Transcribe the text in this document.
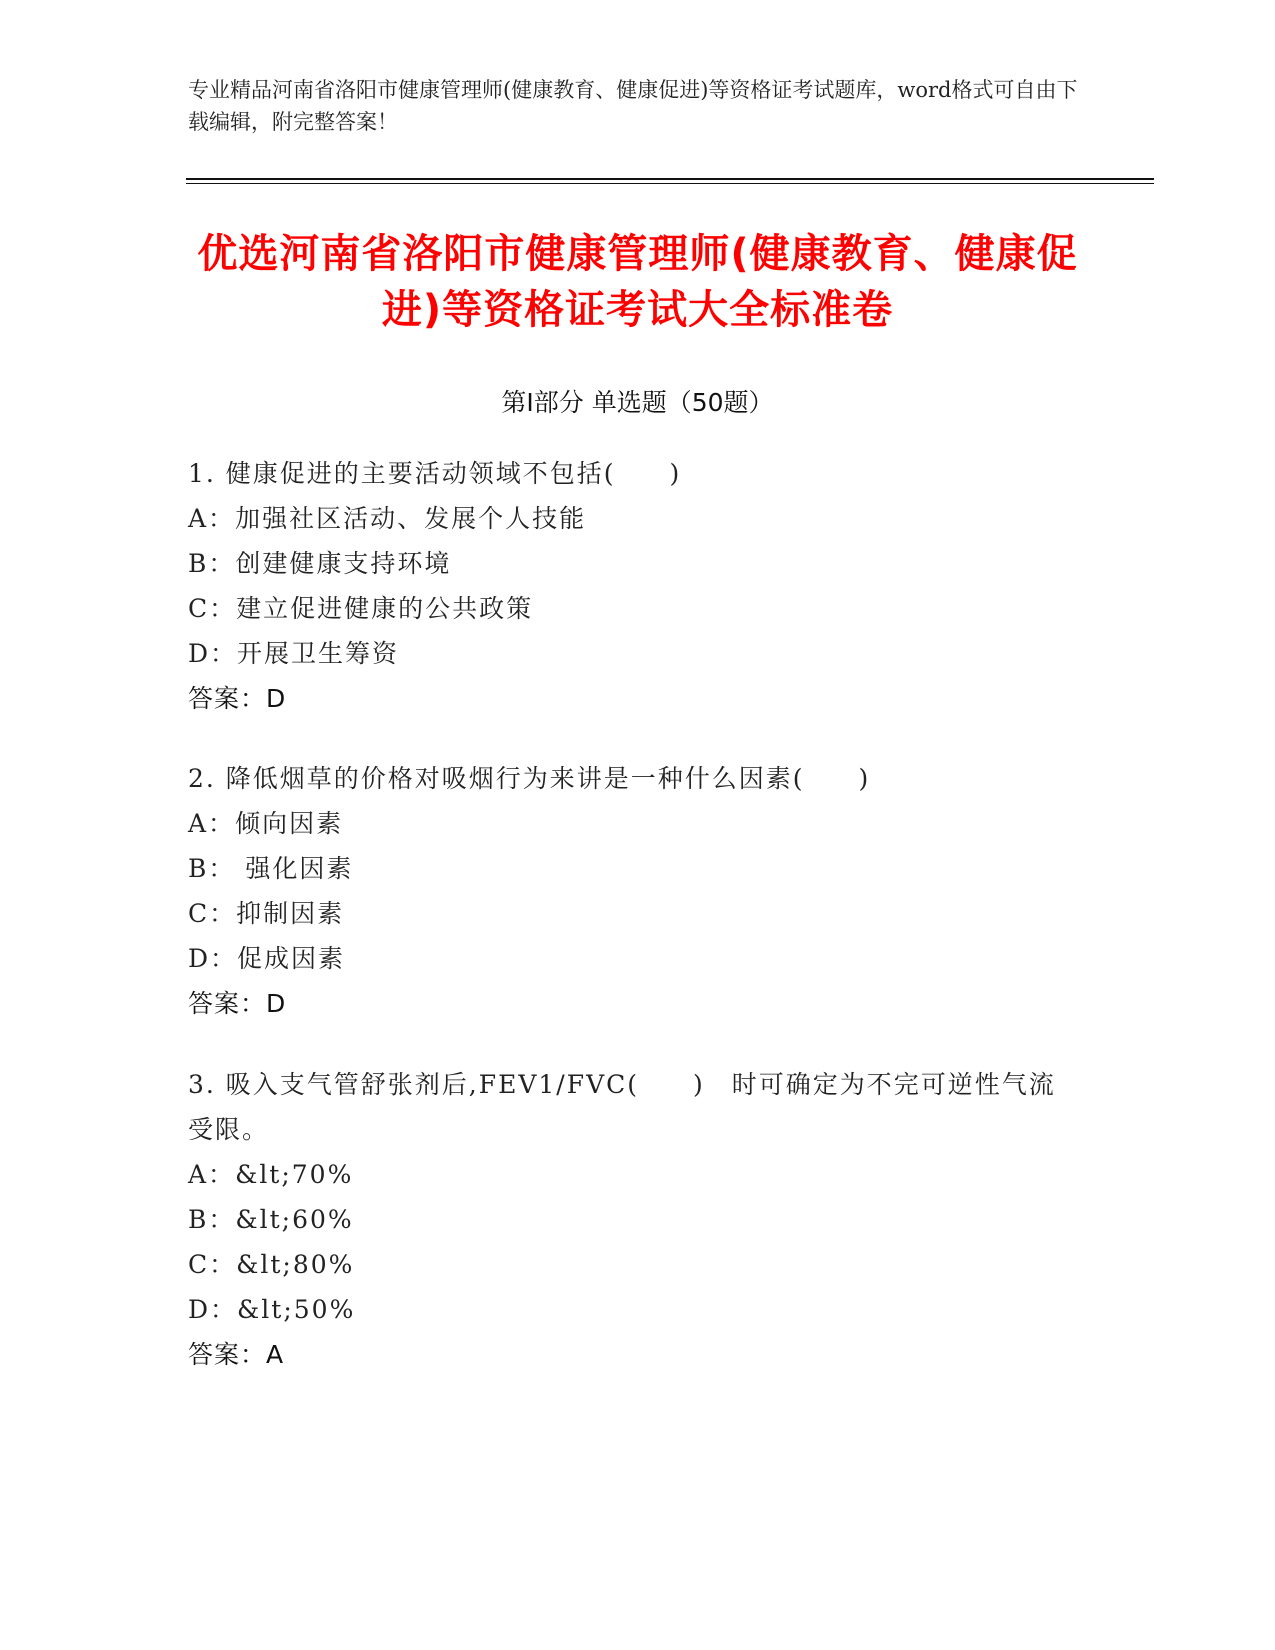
专业精品河南省洛阳市健康管理师(健康教育、健康促进)等资格证考试题库，word格式可自由下载编辑，附完整答案！
优选河南省洛阳市健康管理师(健康教育、健康促进)等资格证考试大全标准卷
第Ⅰ部分 单选题（50题）
1. 健康促进的主要活动领域不包括(　　)
A：加强社区活动、发展个人技能
B：创建健康支持环境
C：建立促进健康的公共政策
D：开展卫生筹资
答案：D
2. 降低烟草的价格对吸烟行为来讲是一种什么因素(　　)
A：倾向因素
B： 强化因素
C：抑制因素
D：促成因素
答案：D
3. 吸入支气管舒张剂后,FEV1/FVC(　　)　时可确定为不完可逆性气流受限。
A：&lt;70%
B：&lt;60%
C：&lt;80%
D：&lt;50%
答案：A
